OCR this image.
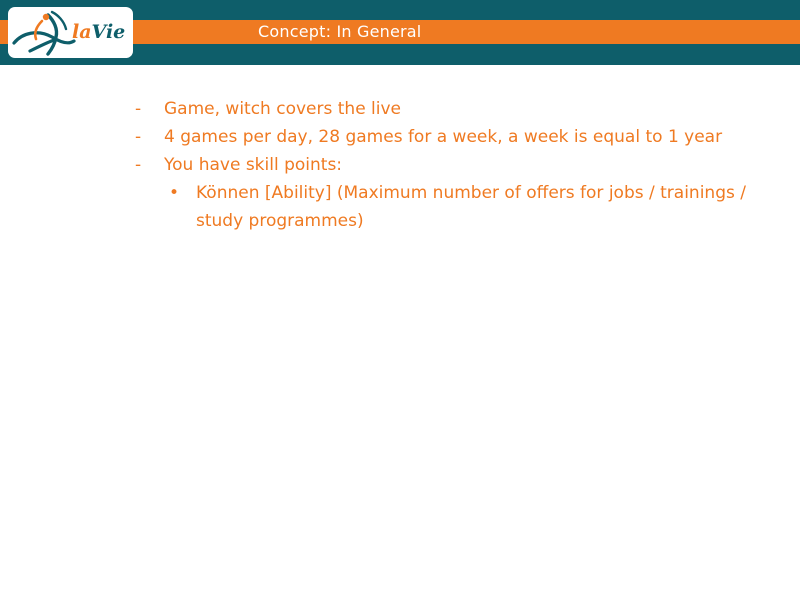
Concept: In General
laVie
-	Game, witch covers the live
-	4 games per day, 28 games for a week, a week is equal to 1 year
-	You have skill points:
• Können [Ability] (Maximum number of offers for jobs / trainings / study programmes)
